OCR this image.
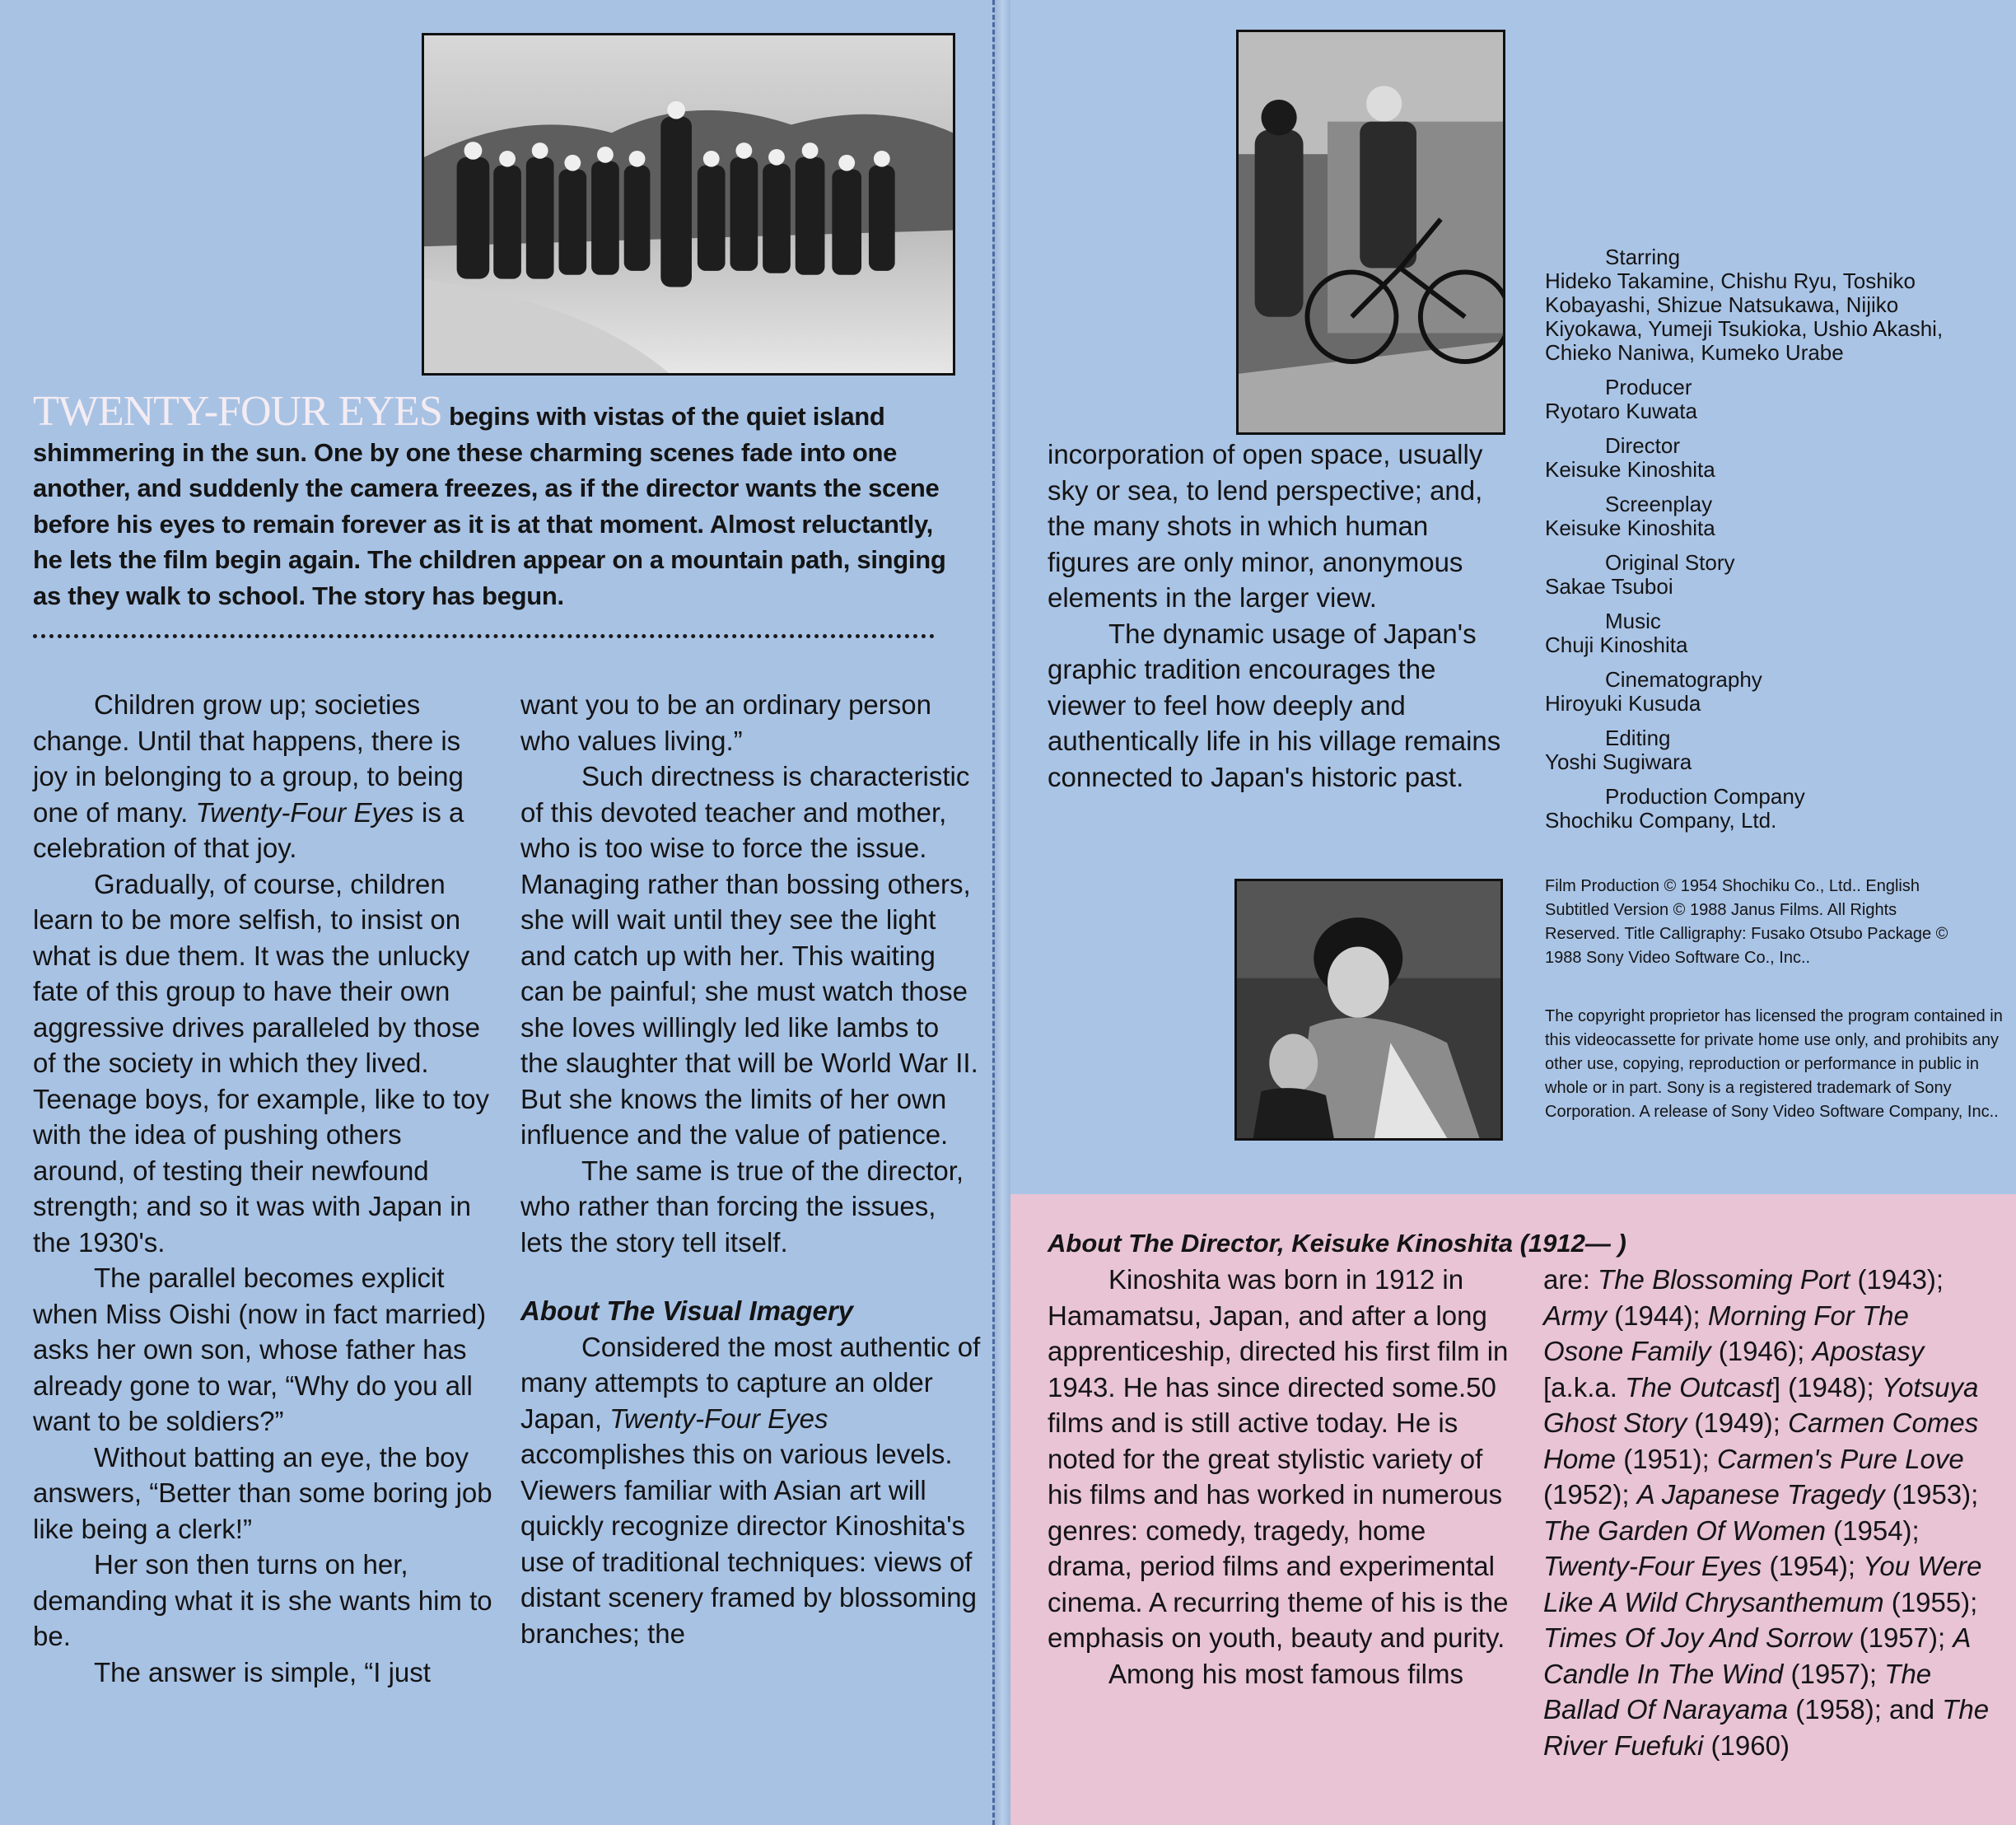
TWENTY-FOUR EYES begins with vistas of the quiet island shimmering in the sun. One by one these charming scenes fade into one another, and suddenly the camera freezes, as if the director wants the scene before his eyes to remain forever as it is at that moment. Almost reluctantly, he lets the film begin again. The children appear on a mountain path, singing as they walk to school. The story has begun.

Children grow up; societies change. Until that happens, there is joy in belonging to a group, to being one of many. Twenty-Four Eyes is a celebration of that joy.

Gradually, of course, children learn to be more selfish, to insist on what is due them. It was the unlucky fate of this group to have their own aggressive drives paralleled by those of the society in which they lived. Teenage boys, for example, like to toy with the idea of pushing others around, of testing their newfound strength; and so it was with Japan in the 1930's.

The parallel becomes explicit when Miss Oishi (now in fact married) asks her own son, whose father has already gone to war, “Why do you all want to be soldiers?”

Without batting an eye, the boy answers, “Better than some boring job like being a clerk!”

Her son then turns on her, demanding what it is she wants him to be.

The answer is simple, “I just

want you to be an ordinary person who values living.”

Such directness is characteristic of this devoted teacher and mother, who is too wise to force the issue. Managing rather than bossing others, she will wait until they see the light and catch up with her. This waiting can be painful; she must watch those she loves willingly led like lambs to the slaughter that will be World War II. But she knows the limits of her own influence and the value of patience.

The same is true of the director, who rather than forcing the issues, lets the story tell itself.

About The Visual Imagery

Considered the most authentic of many attempts to capture an older Japan, Twenty-Four Eyes accomplishes this on various levels. Viewers familiar with Asian art will quickly recognize director Kinoshita's use of traditional techniques: views of distant scenery framed by blossoming branches; the

incorporation of open space, usually sky or sea, to lend perspective; and, the many shots in which human figures are only minor, anonymous elements in the larger view.

The dynamic usage of Japan's graphic tradition encourages the viewer to feel how deeply and authentically life in his village remains connected to Japan's historic past.

Starring
Hideko Takamine, Chishu Ryu, Toshiko Kobayashi, Shizue Natsukawa, Nijiko Kiyokawa, Yumeji Tsukioka, Ushio Akashi, Chieko Naniwa, Kumeko Urabe
Producer
Ryotaro Kuwata
Director
Keisuke Kinoshita
Screenplay
Keisuke Kinoshita
Original Story
Sakae Tsuboi
Music
Chuji Kinoshita
Cinematography
Hiroyuki Kusuda
Editing
Yoshi Sugiwara
Production Company
Shochiku Company, Ltd.
Film Production © 1954 Shochiku Co., Ltd.. English Subtitled Version © 1988 Janus Films. All Rights Reserved. Title Calligraphy: Fusako Otsubo Package © 1988 Sony Video Software Co., Inc..
The copyright proprietor has licensed the program contained in this videocassette for private home use only, and prohibits any other use, copying, reproduction or performance in public in whole or in part. Sony is a registered trademark of Sony Corporation. A release of Sony Video Software Company, Inc..
About The Director, Keisuke Kinoshita (1912— )

Kinoshita was born in 1912 in Hamamatsu, Japan, and after a long apprenticeship, directed his first film in 1943. He has since directed some.50 films and is still active today. He is noted for the great stylistic variety of his films and has worked in numerous genres: comedy, tragedy, home drama, period films and experimental cinema. A recurring theme of his is the emphasis on youth, beauty and purity.

Among his most famous films

are: The Blossoming Port (1943); Army (1944); Morning For The Osone Family (1946); Apostasy [a.k.a. The Outcast] (1948); Yotsuya Ghost Story (1949); Carmen Comes Home (1951); Carmen's Pure Love (1952); A Japanese Tragedy (1953); The Garden Of Women (1954); Twenty-Four Eyes (1954); You Were Like A Wild Chrysanthemum (1955); Times Of Joy And Sorrow (1957); A Candle In The Wind (1957); The Ballad Of Narayama (1958); and The River Fuefuki (1960)
